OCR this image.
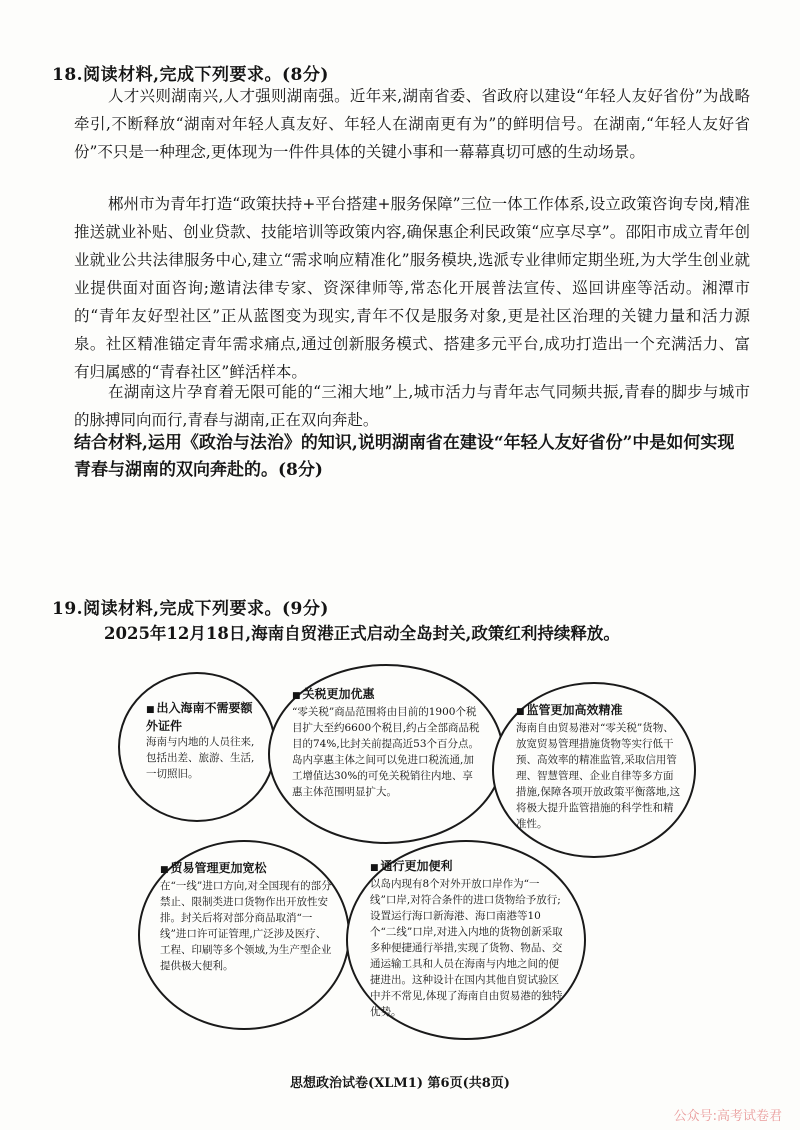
18.阅读材料,完成下列要求。(8分)

人才兴则湖南兴,人才强则湖南强。近年来,湖南省委、省政府以建设“年轻人友好省份”为战略牵引,不断释放“湖南对年轻人真友好、年轻人在湖南更有为”的鲜明信号。在湖南,“年轻人友好省份”不只是一种理念,更体现为一件件具体的关键小事和一幕幕真切可感的生动场景。

郴州市为青年打造“政策扶持+平台搭建+服务保障”三位一体工作体系,设立政策咨询专岗,精准推送就业补贴、创业贷款、技能培训等政策内容,确保惠企利民政策“应享尽享”。邵阳市成立青年创业就业公共法律服务中心,建立“需求响应精准化”服务模块,选派专业律师定期坐班,为大学生创业就业提供面对面咨询;邀请法律专家、资深律师等,常态化开展普法宣传、巡回讲座等活动。湘潭市的“青年友好型社区”正从蓝图变为现实,青年不仅是服务对象,更是社区治理的关键力量和活力源泉。社区精准锚定青年需求痛点,通过创新服务模式、搭建多元平台,成功打造出一个充满活力、富有归属感的“青春社区”鲜活样本。

在湖南这片孕育着无限可能的“三湘大地”上,城市活力与青年志气同频共振,青春的脚步与城市的脉搏同向而行,青春与湖南,正在双向奔赴。

结合材料,运用《政治与法治》的知识,说明湖南省在建设“年轻人友好省份”中是如何实现青春与湖南的双向奔赴的。(8分)

19.阅读材料,完成下列要求。(9分)

2025年12月18日,海南自贸港正式启动全岛封关,政策红利持续释放。

■ 出入海南不需要额外证件
海南与内地的人员往来,包括出差、旅游、生活,一切照旧。
■ 关税更加优惠
“零关税”商品范围将由目前的1900个税目扩大至约6600个税目,约占全部商品税目的74%,比封关前提高近53个百分点。岛内享惠主体之间可以免进口税流通,加工增值达30%的可免关税销往内地、享惠主体范围明显扩大。
■ 监管更加高效精准
海南自由贸易港对“零关税”货物、放宽贸易管理措施货物等实行低干预、高效率的精准监管,采取信用管理、智慧管理、企业自律等多方面措施,保障各项开放政策平衡落地,这将极大提升监管措施的科学性和精准性。
■ 贸易管理更加宽松
在“一线”进口方向,对全国现有的部分禁止、限制类进口货物作出开放性安排。封关后将对部分商品取消“一线”进口许可证管理,广泛涉及医疗、工程、印刷等多个领域,为生产型企业提供极大便利。
■ 通行更加便利
以岛内现有8个对外开放口岸作为“一线”口岸,对符合条件的进口货物给予放行;设置运行海口新海港、海口南港等10个“二线”口岸,对进入内地的货物创新采取多种便捷通行举措,实现了货物、物品、交通运输工具和人员在海南与内地之间的便捷进出。这种设计在国内其他自贸试验区中并不常见,体现了海南自由贸易港的独特优势。

思想政治试卷(XLM1) 第6页(共8页)

公众号:高考试卷君
